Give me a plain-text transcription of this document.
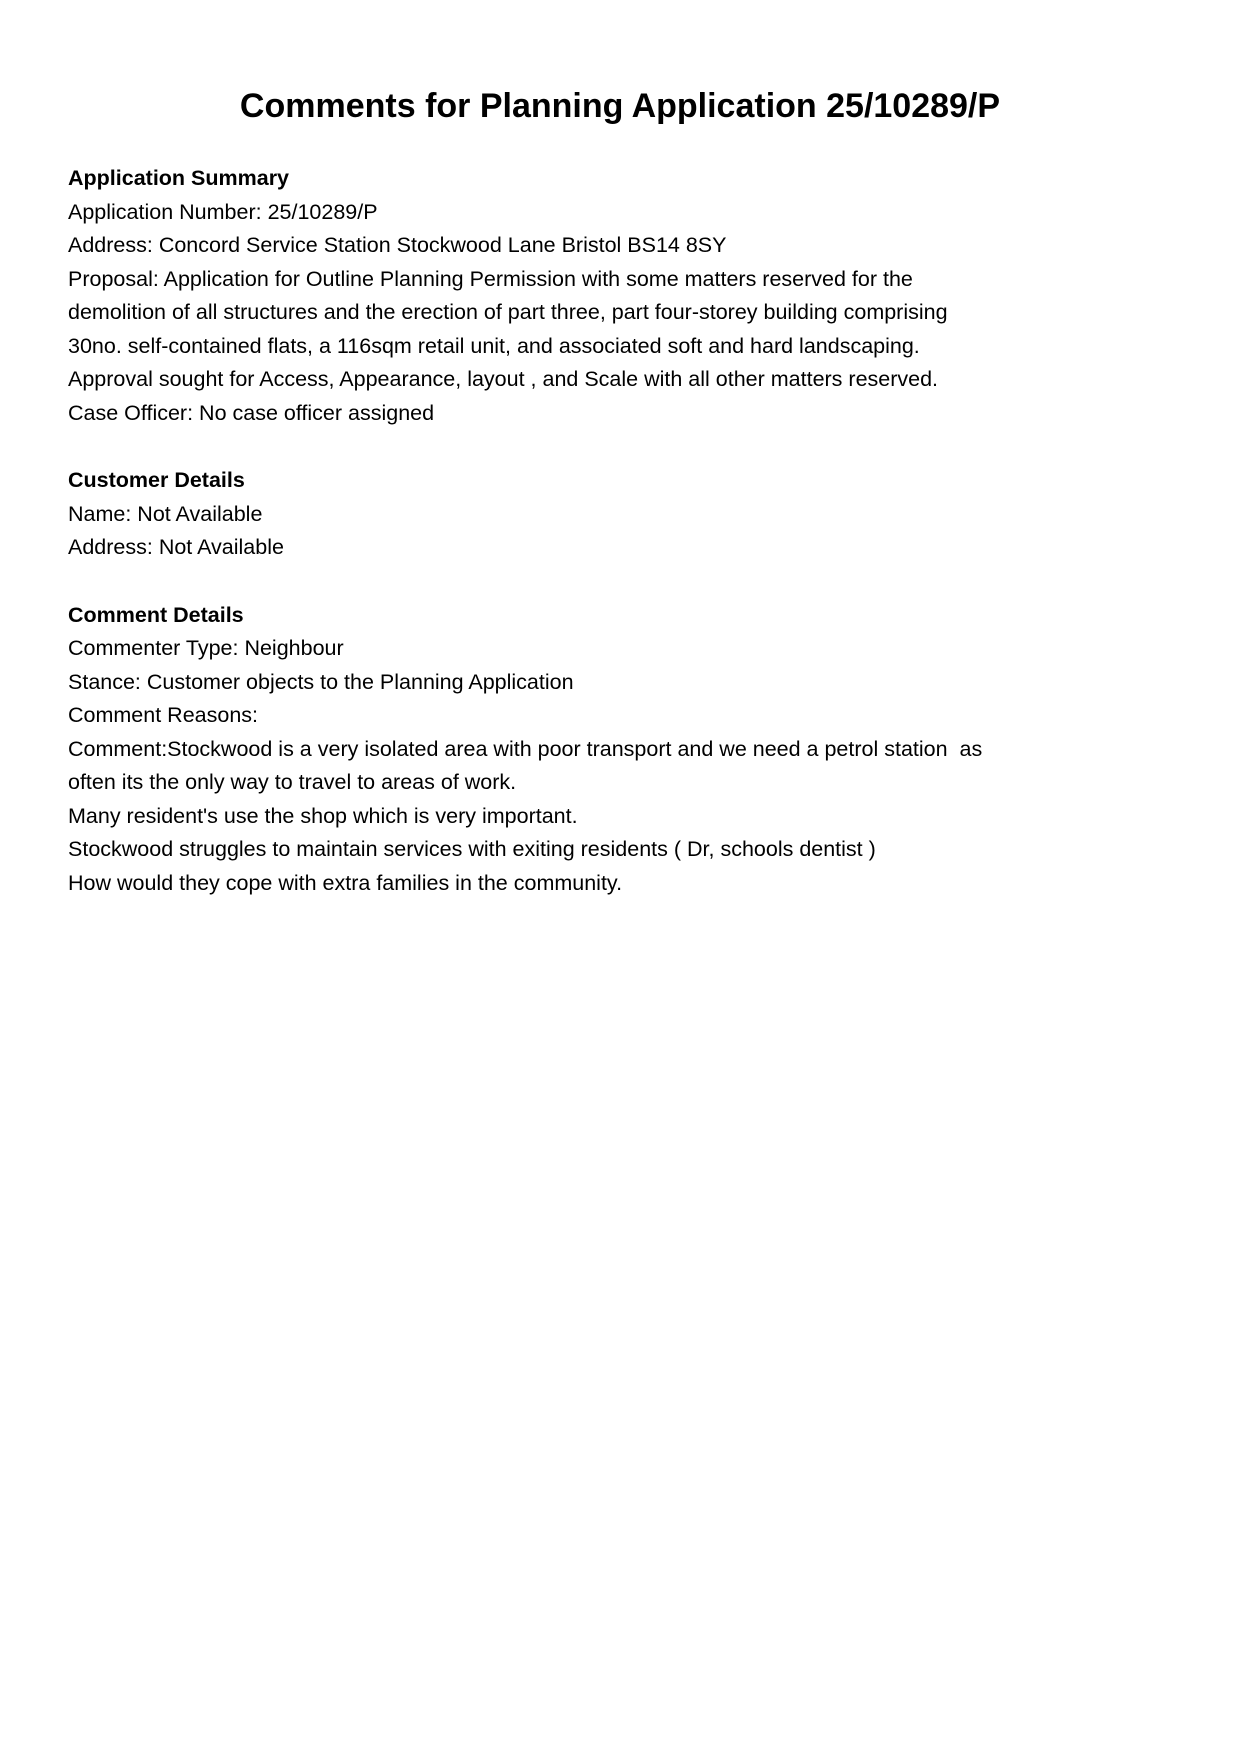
Comments for Planning Application 25/10289/P
Application Summary
Application Number: 25/10289/P
Address: Concord Service Station Stockwood Lane Bristol BS14 8SY
Proposal: Application for Outline Planning Permission with some matters reserved for the
demolition of all structures and the erection of part three, part four-storey building comprising
30no. self-contained flats, a 116sqm retail unit, and associated soft and hard landscaping.
Approval sought for Access, Appearance, layout , and Scale with all other matters reserved.
Case Officer: No case officer assigned
Customer Details
Name: Not Available
Address: Not Available
Comment Details
Commenter Type: Neighbour
Stance: Customer objects to the Planning Application
Comment Reasons:
Comment:Stockwood is a very isolated area with poor transport and we need a petrol station  as
often its the only way to travel to areas of work.
Many resident's use the shop which is very important.
Stockwood struggles to maintain services with exiting residents ( Dr, schools dentist )
How would they cope with extra families in the community.
